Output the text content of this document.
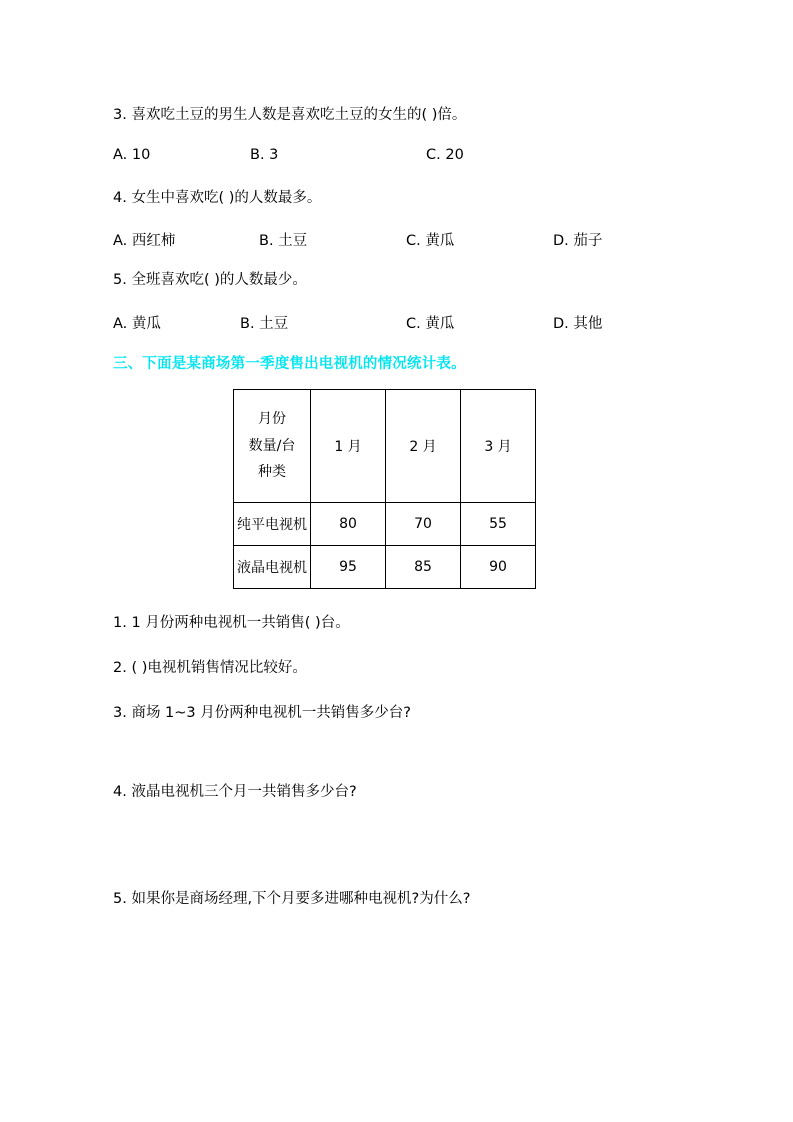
3. 喜欢吃土豆的男生人数是喜欢吃土豆的女生的( )倍。
A. 10	B. 3	C. 20
4. 女生中喜欢吃( )的人数最多。
A. 西红柿	B. 土豆	C. 黄瓜	D. 茄子
5. 全班喜欢吃( )的人数最少。
A. 黄瓜	B. 土豆	C. 黄瓜	D. 其他
三、下面是某商场第一季度售出电视机的情况统计表。
月份
数量∕台
种类	1 月	2 月	3 月
纯平电视机	80	70	55
液晶电视机	95	85	90
1. 1 月份两种电视机一共销售( )台。
2. ( )电视机销售情况比较好。
3. 商场 1~3 月份两种电视机一共销售多少台?
4. 液晶电视机三个月一共销售多少台?
5. 如果你是商场经理,下个月要多进哪种电视机?为什么?
